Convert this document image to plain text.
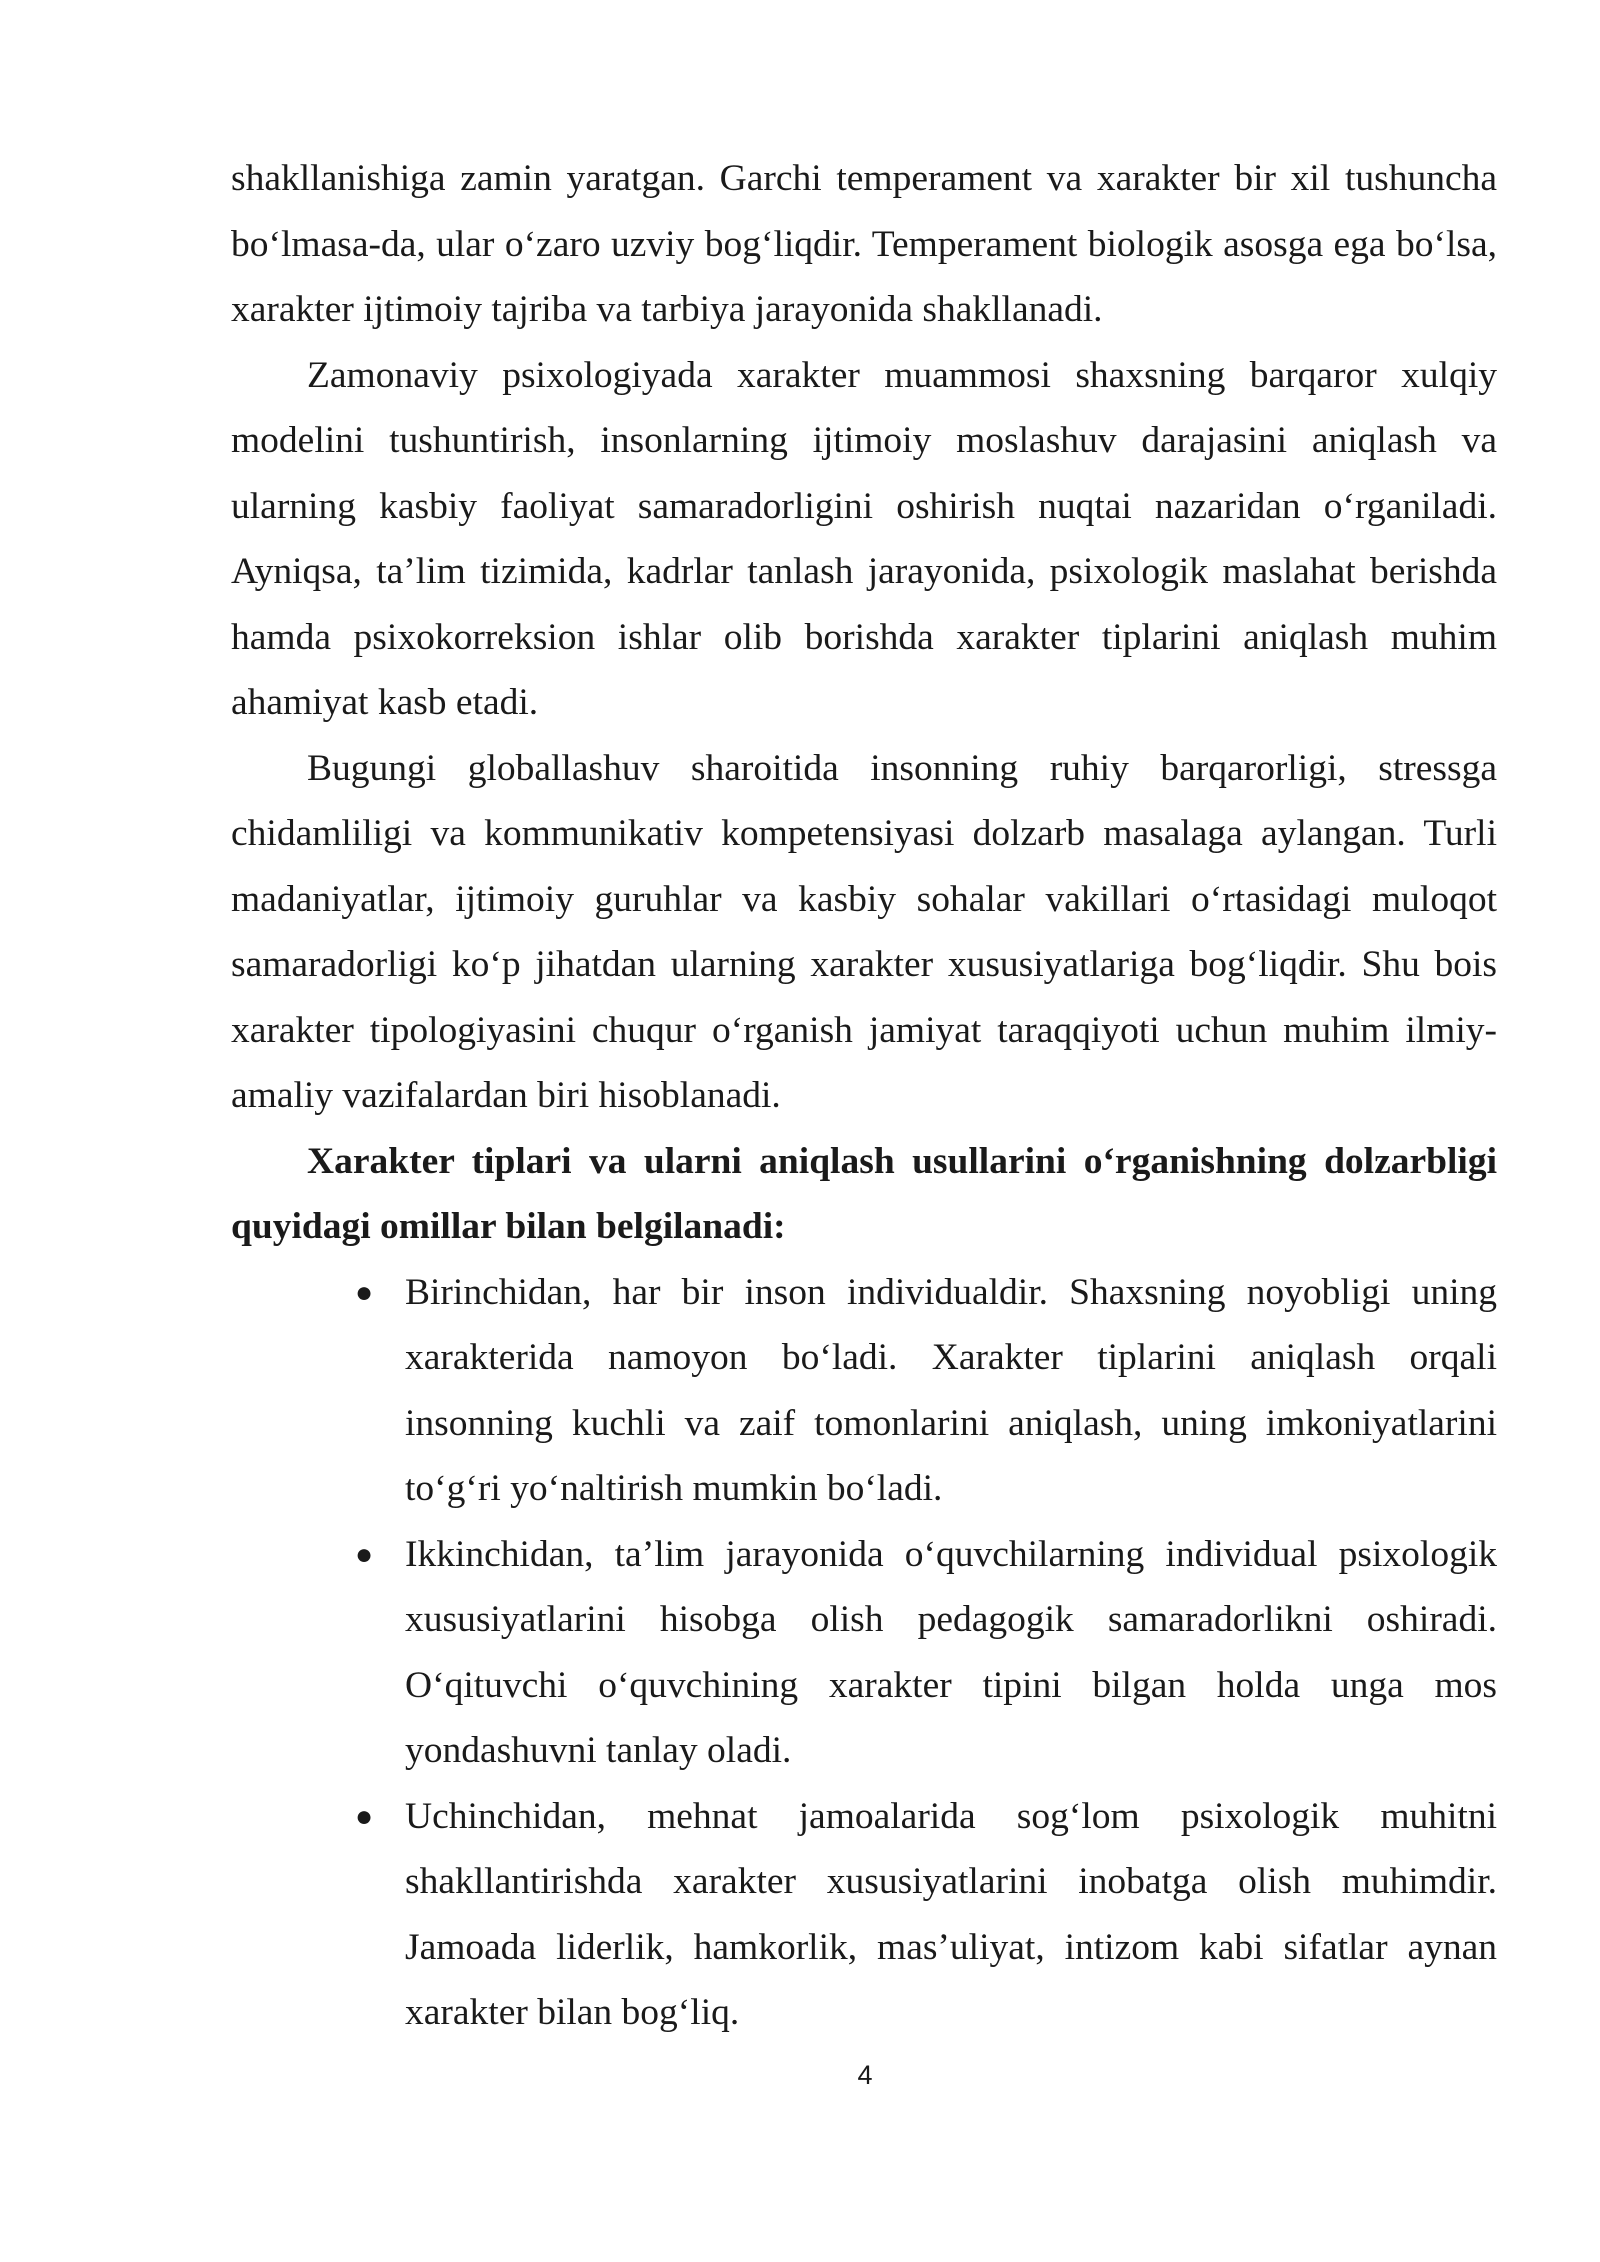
shakllanishiga zamin yaratgan. Garchi temperament va xarakter bir xil tushuncha bo‘lmasa-da, ular o‘zaro uzviy bog‘liqdir. Temperament biologik asosga ega bo‘lsa, xarakter ijtimoiy tajriba va tarbiya jarayonida shakllanadi.

Zamonaviy psixologiyada xarakter muammosi shaxsning barqaror xulqiy modelini tushuntirish, insonlarning ijtimoiy moslashuv darajasini aniqlash va ularning kasbiy faoliyat samaradorligini oshirish nuqtai nazaridan o‘rganiladi. Ayniqsa, ta’lim tizimida, kadrlar tanlash jarayonida, psixologik maslahat berishda hamda psixokorreksion ishlar olib borishda xarakter tiplarini aniqlash muhim ahamiyat kasb etadi.

Bugungi globallashuv sharoitida insonning ruhiy barqarorligi, stressga chidamliligi va kommunikativ kompetensiyasi dolzarb masalaga aylangan. Turli madaniyatlar, ijtimoiy guruhlar va kasbiy sohalar vakillari o‘rtasidagi muloqot samaradorligi ko‘p jihatdan ularning xarakter xususiyatlariga bog‘liqdir. Shu bois xarakter tipologiyasini chuqur o‘rganish jamiyat taraqqiyoti uchun muhim ilmiy-amaliy vazifalardan biri hisoblanadi.

Xarakter tiplari va ularni aniqlash usullarini o‘rganishning dolzarbligi quyidagi omillar bilan belgilanadi:

● Birinchidan, har bir inson individualdir. Shaxsning noyobligi uning xarakterida namoyon bo‘ladi. Xarakter tiplarini aniqlash orqali insonning kuchli va zaif tomonlarini aniqlash, uning imkoniyatlarini to‘g‘ri yo‘naltirish mumkin bo‘ladi.
● Ikkinchidan, ta’lim jarayonida o‘quvchilarning individual psixologik xususiyatlarini hisobga olish pedagogik samaradorlikni oshiradi. O‘qituvchi o‘quvchining xarakter tipini bilgan holda unga mos yondashuvni tanlay oladi.
● Uchinchidan, mehnat jamoalarida sog‘lom psixologik muhitni shakllantirishda xarakter xususiyatlarini inobatga olish muhimdir. Jamoada liderlik, hamkorlik, mas’uliyat, intizom kabi sifatlar aynan xarakter bilan bog‘liq.
4
